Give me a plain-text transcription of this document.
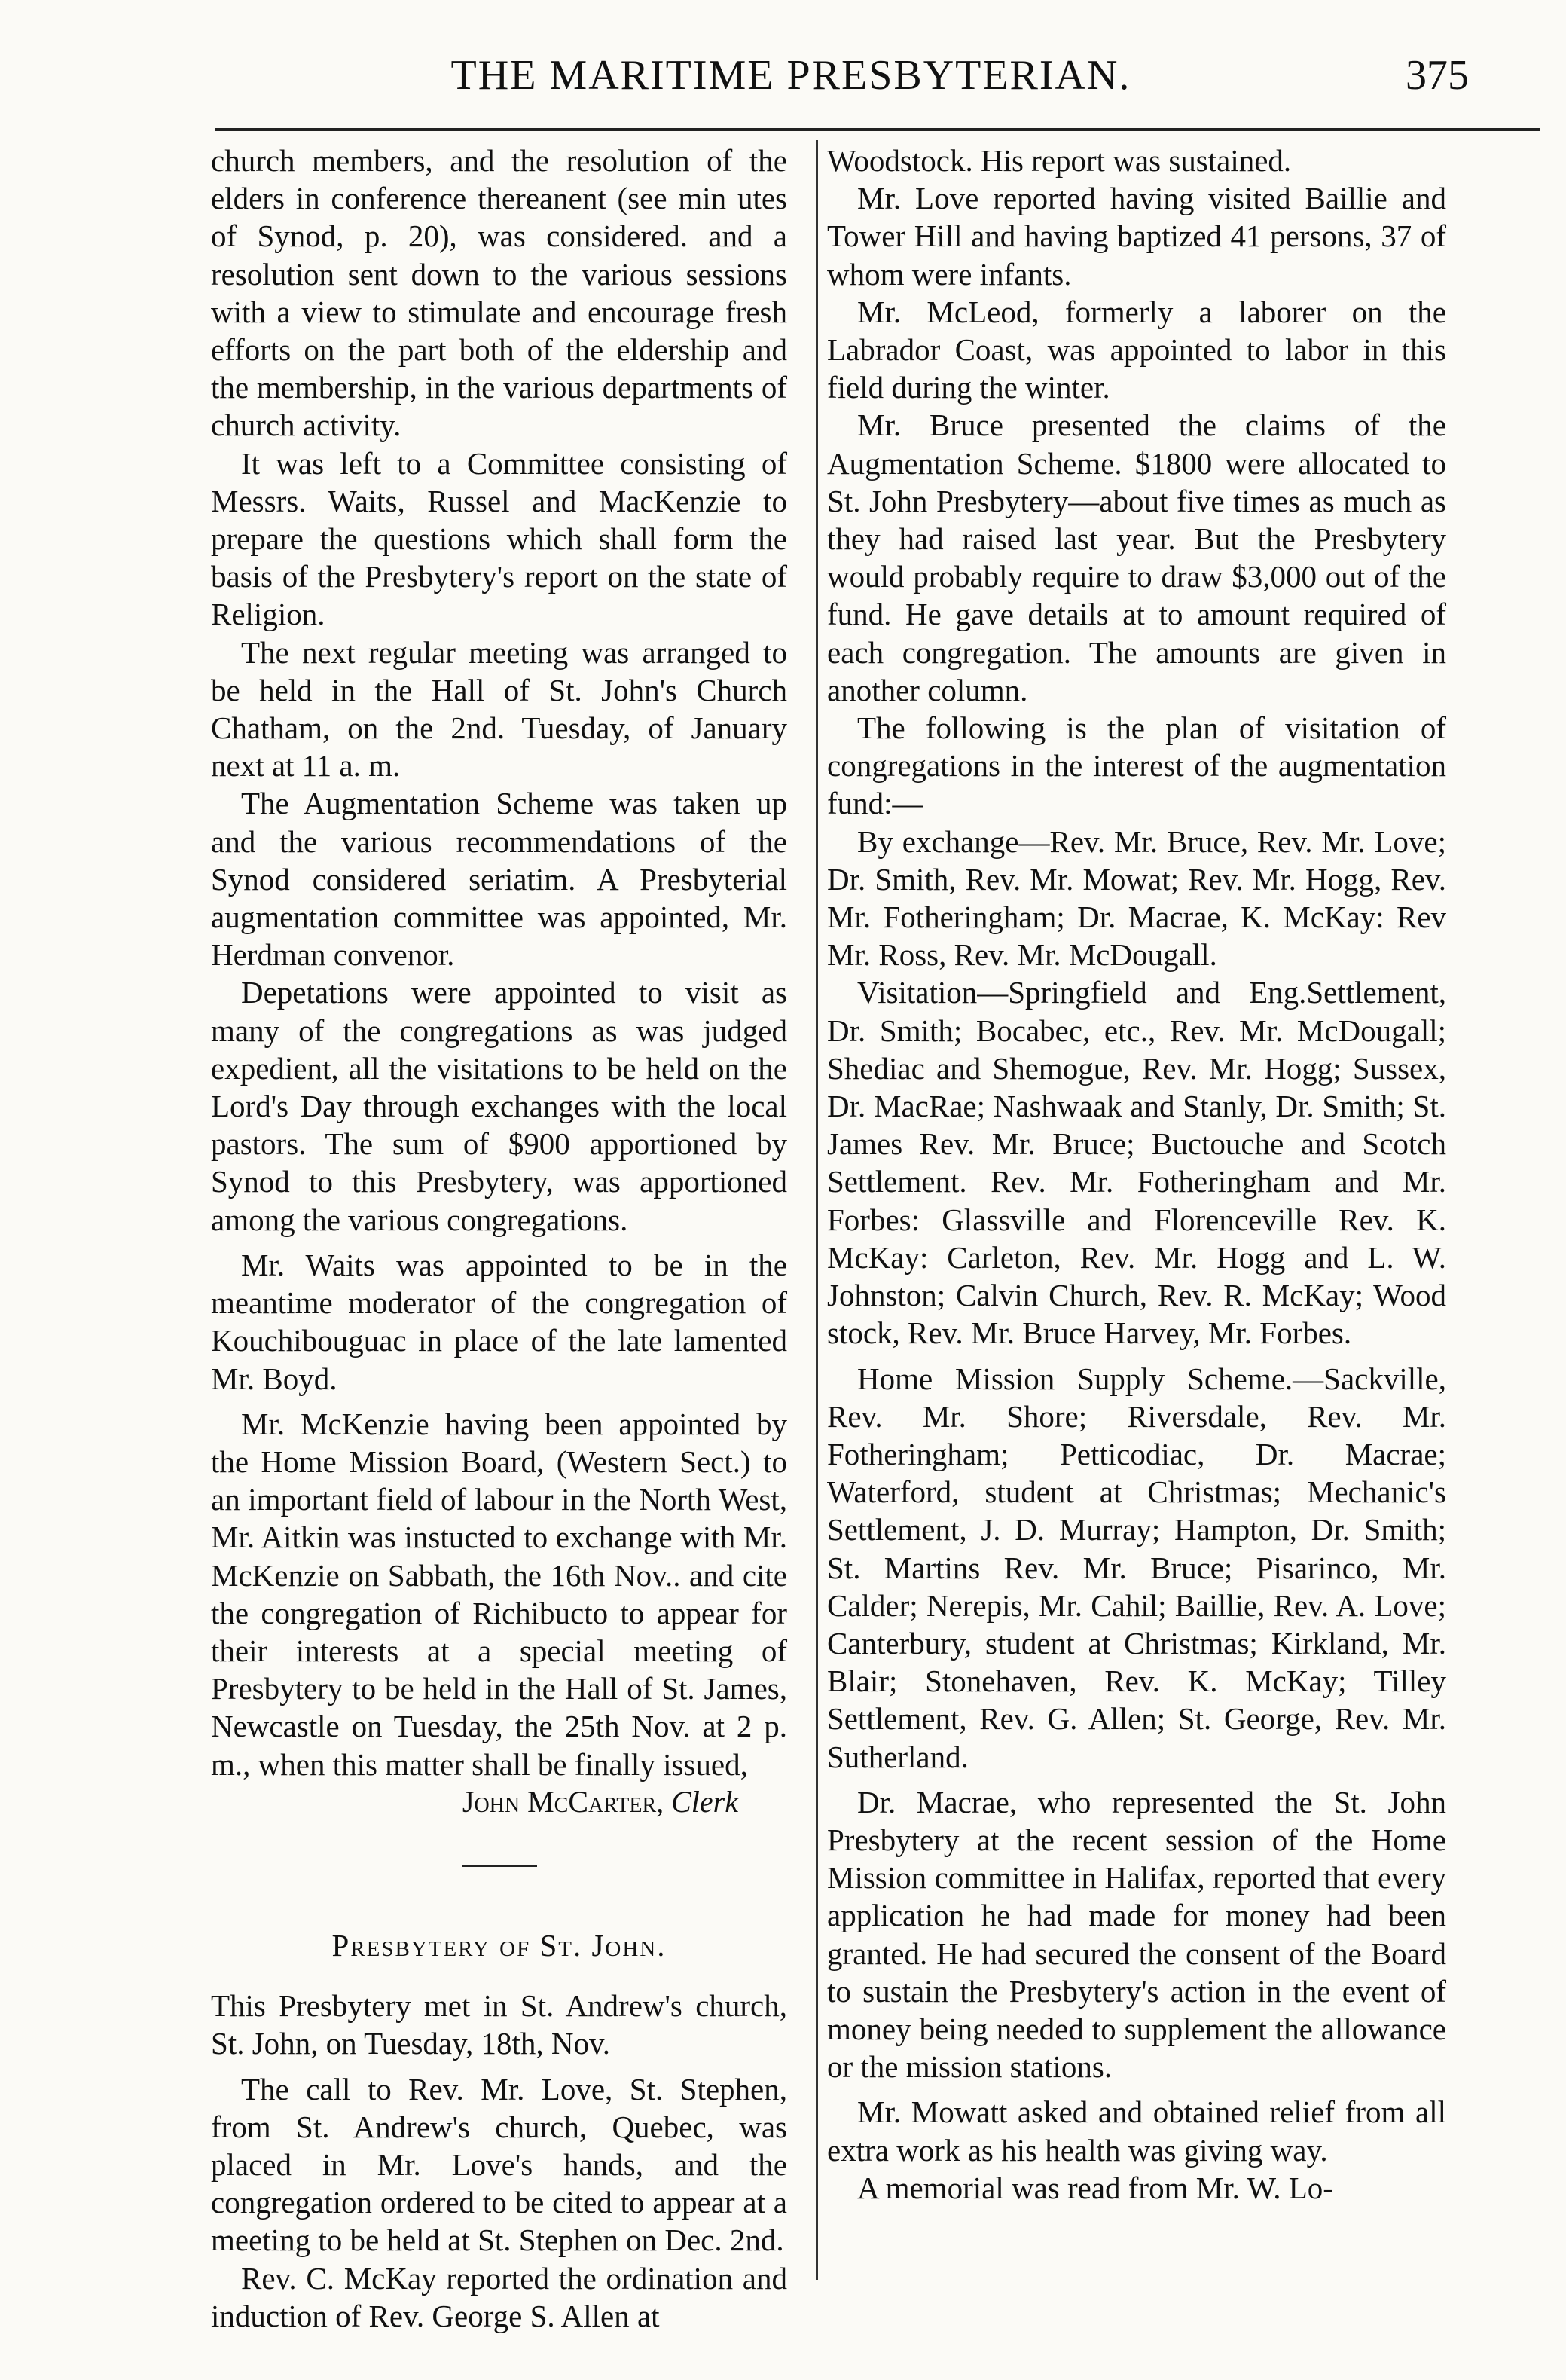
THE MARITIME PRESBYTERIAN.	375

church members, and the resolution of the elders in conference thereanent (see min utes of Synod, p. 20), was considered. and a resolution sent down to the various sessions with a view to stimulate and encourage fresh efforts on the part both of the eldership and the membership, in the various departments of church activity.

It was left to a Committee consisting of Messrs. Waits, Russel and MacKenzie to prepare the questions which shall form the basis of the Presbytery's report on the state of Religion.

The next regular meeting was arranged to be held in the Hall of St. John's Church Chatham, on the 2nd. Tuesday, of January next at 11 a. m.

The Augmentation Scheme was taken up and the various recommendations of the Synod considered seriatim. A Presbyterial augmentation committee was appointed, Mr. Herdman convenor.

Depetations were appointed to visit as many of the congregations as was judged expedient, all the visitations to be held on the Lord's Day through exchanges with the local pastors. The sum of $900 apportioned by Synod to this Presbytery, was apportioned among the various congregations.

Mr. Waits was appointed to be in the meantime moderator of the congregation of Kouchibouguac in place of the late lamented Mr. Boyd.

Mr. McKenzie having been appointed by the Home Mission Board, (Western Sect.) to an important field of labour in the North West, Mr. Aitkin was instucted to exchange with Mr. McKenzie on Sabbath, the 16th Nov.. and cite the congregation of Richibucto to appear for their interests at a special meeting of Presbytery to be held in the Hall of St. James, Newcastle on Tuesday, the 25th Nov. at 2 p. m., when this matter shall be finally issued,

John McCarter, Clerk
Presbytery of St. John.

This Presbytery met in St. Andrew's church, St. John, on Tuesday, 18th, Nov.

The call to Rev. Mr. Love, St. Stephen, from St. Andrew's church, Quebec, was placed in Mr. Love's hands, and the congregation ordered to be cited to appear at a meeting to be held at St. Stephen on Dec. 2nd.

Rev. C. McKay reported the ordination and induction of Rev. George S. Allen at

Woodstock. His report was sustained.

Mr. Love reported having visited Baillie and Tower Hill and having baptized 41 persons, 37 of whom were infants.

Mr. McLeod, formerly a laborer on the Labrador Coast, was appointed to labor in this field during the winter.

Mr. Bruce presented the claims of the Augmentation Scheme. $1800 were allocated to St. John Presbytery—about five times as much as they had raised last year. But the Presbytery would probably require to draw $3,000 out of the fund. He gave details at to amount required of each congregation. The amounts are given in another column.

The following is the plan of visitation of congregations in the interest of the augmentation fund:—

By exchange—Rev. Mr. Bruce, Rev. Mr. Love; Dr. Smith, Rev. Mr. Mowat; Rev. Mr. Hogg, Rev. Mr. Fotheringham; Dr. Macrae, K. McKay: Rev Mr. Ross, Rev. Mr. McDougall.

Visitation—Springfield and Eng.Settlement, Dr. Smith; Bocabec, etc., Rev. Mr. McDougall; Shediac and Shemogue, Rev. Mr. Hogg; Sussex, Dr. MacRae; Nashwaak and Stanly, Dr. Smith; St. James Rev. Mr. Bruce; Buctouche and Scotch Settlement. Rev. Mr. Fotheringham and Mr. Forbes: Glassville and Florenceville Rev. K. McKay: Carleton, Rev. Mr. Hogg and L. W. Johnston; Calvin Church, Rev. R. McKay; Wood stock, Rev. Mr. Bruce Harvey, Mr. Forbes.

Home Mission Supply Scheme.—Sackville, Rev. Mr. Shore; Riversdale, Rev. Mr. Fotheringham; Petticodiac, Dr. Macrae; Waterford, student at Christmas; Mechanic's Settlement, J. D. Murray; Hampton, Dr. Smith; St. Martins Rev. Mr. Bruce; Pisarinco, Mr. Calder; Nerepis, Mr. Cahil; Baillie, Rev. A. Love; Canterbury, student at Christmas; Kirkland, Mr. Blair; Stonehaven, Rev. K. McKay; Tilley Settlement, Rev. G. Allen; St. George, Rev. Mr. Sutherland.

Dr. Macrae, who represented the St. John Presbytery at the recent session of the Home Mission committee in Halifax, reported that every application he had made for money had been granted. He had secured the consent of the Board to sustain the Presbytery's action in the event of money being needed to supplement the allowance or the mission stations.

Mr. Mowatt asked and obtained relief from all extra work as his health was giving way.

A memorial was read from Mr. W. Lo-
